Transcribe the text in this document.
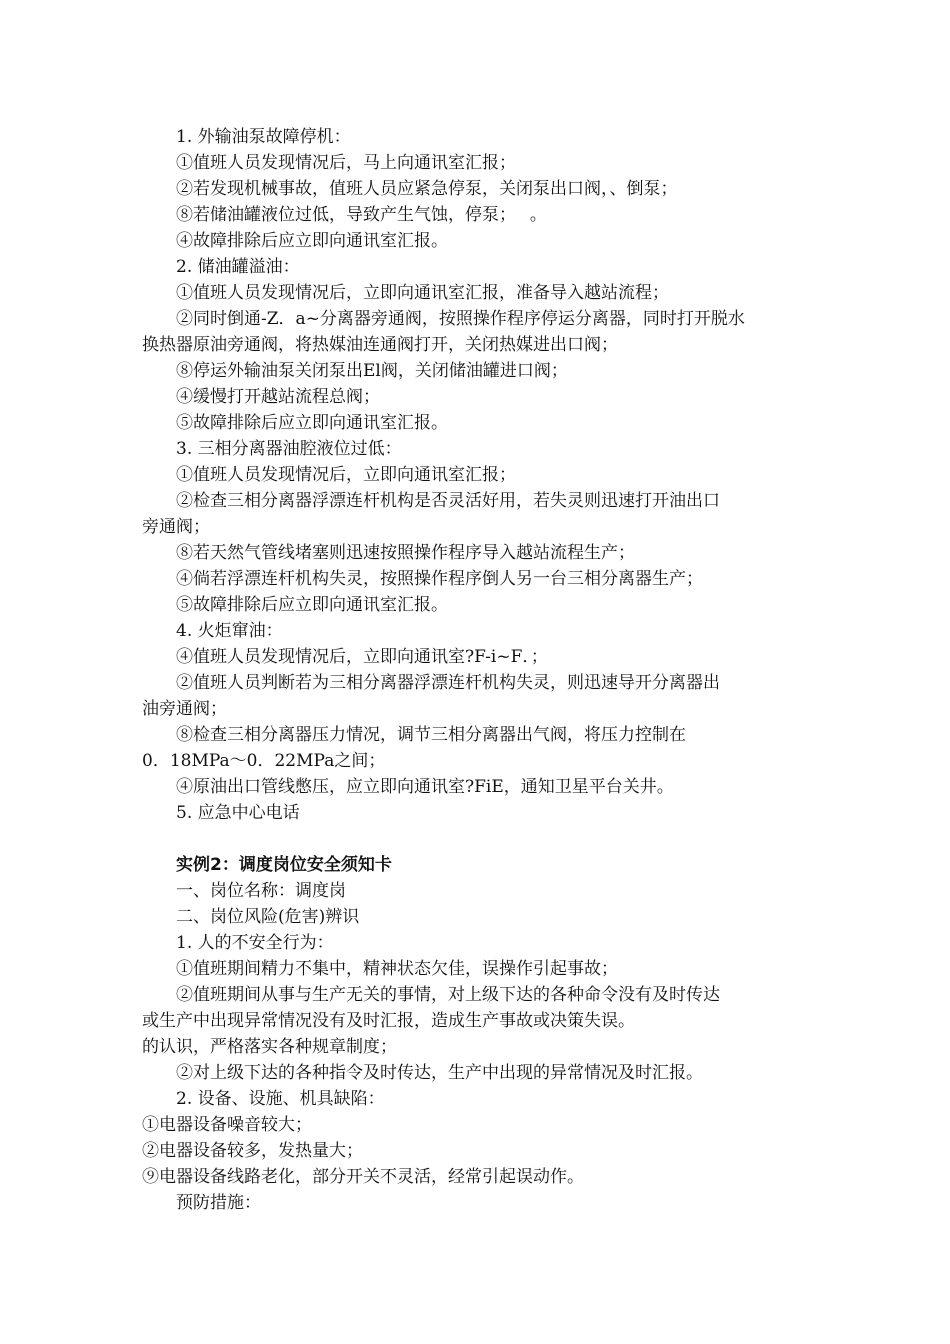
1. 外输油泵故障停机：
①值班人员发现情况后，马上向通讯室汇报；
②若发现机械事故，值班人员应紧急停泵，关闭泵出口阀，、倒泵；
⑧若储油罐液位过低，导致产生气蚀，停泵；　 。
④故障排除后应立即向通讯室汇报。
2. 储油罐溢油：
①值班人员发现情况后，立即向通讯室汇报，准备导入越站流程；
②同时倒通-Z．a~分离器旁通阀，按照操作程序停运分离器，同时打开脱水
换热器原油旁通阀，将热媒油连通阀打开，关闭热媒进出口阀；
⑧停运外输油泵关闭泵出El阀，关闭储油罐进口阀；
④缓慢打开越站流程总阀；
⑤故障排除后应立即向通讯室汇报。
3. 三相分离器油腔液位过低：
①值班人员发现情况后，立即向通讯室汇报；
②检查三相分离器浮漂连杆机构是否灵活好用，若失灵则迅速打开油出口
旁通阀；
⑧若天然气管线堵塞则迅速按照操作程序导入越站流程生产；
④倘若浮漂连杆机构失灵，按照操作程序倒人另一台三相分离器生产；
⑤故障排除后应立即向通讯室汇报。
4. 火炬窜油：
④值班人员发现情况后，立即向通讯室?F-i~F．；
②值班人员判断若为三相分离器浮漂连杆机构失灵，则迅速导开分离器出
油旁通阀；
⑧检查三相分离器压力情况，调节三相分离器出气阀，将压力控制在
0．18MPa～0．22MPa之间；
④原油出口管线憋压，应立即向通讯室?FiE，通知卫星平台关井。
5. 应急中心电话
实例2：调度岗位安全须知卡
一、岗位名称：调度岗
二、岗位风险(危害)辨识
1. 人的不安全行为：
①值班期间精力不集中，精神状态欠佳，误操作引起事故；
②值班期间从事与生产无关的事情，对上级下达的各种命令没有及时传达
或生产中出现异常情况没有及时汇报，造成生产事故或决策失误。
的认识，严格落实各种规章制度；
②对上级下达的各种指令及时传达，生产中出现的异常情况及时汇报。
2. 设备、设施、机具缺陷：
①电器设备噪音较大；
②电器设备较多，发热量大；
⑨电器设备线路老化，部分开关不灵活，经常引起误动作。
预防措施：
